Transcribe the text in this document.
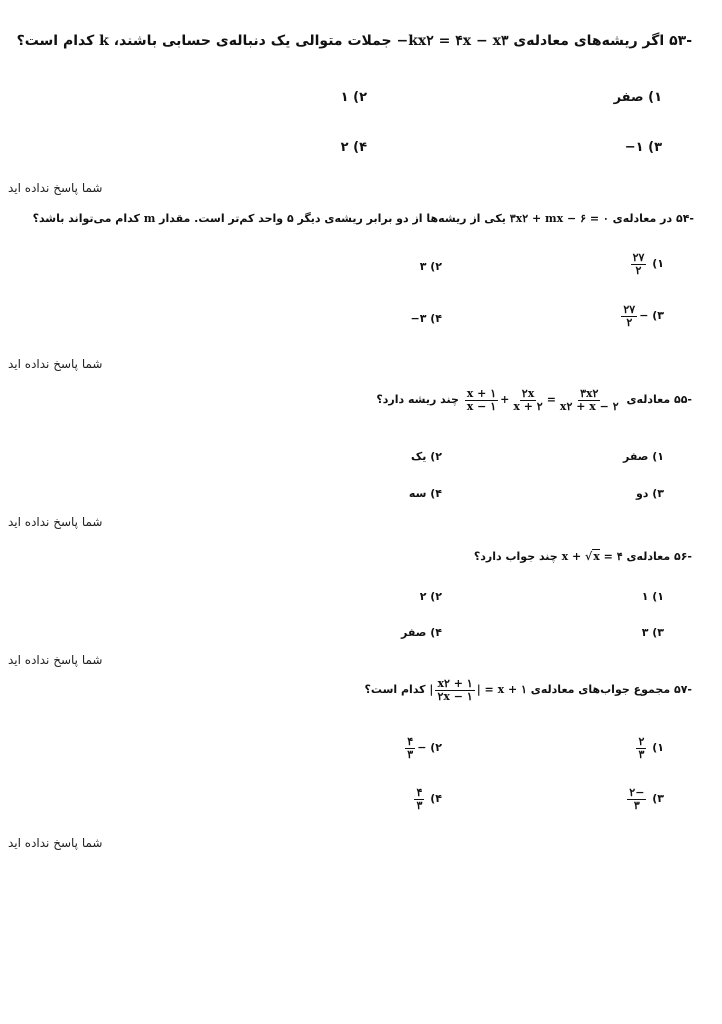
-۵۳ اگر ریشه‌های معادله‌ی −kx۲ = ۴x − x۳ جملات متوالی یک دنباله‌ی حسابی باشند، k کدام است؟
۱) صفر
۲) ۱
۳) ۱−
۴) ۲
شما پاسخ نداده اید
-۵۴ در معادله‌ی ۳x۲ + mx − ۶ = ۰ یکی از ریشه‌ها از دو برابر ریشه‌ی دیگر ۵ واحد کم‌تر است. مقدار m کدام می‌تواند باشد؟
۱)
$\frac{۲۷}{۲}$
۲) ۳
۳) −
$\frac{۲۷}{۲}$
۴) ۳−
شما پاسخ نداده اید
-۵۵ معادله‌ی
$\frac{x + ۱}{x - ۱} + \frac{۲x}{x + ۲} = \frac{۳x۲}{x۲ + x - ۲}$
چند ریشه دارد؟
۱) صفر
۲) یک
۳) دو
۴) سه
شما پاسخ نداده اید
-۵۶ معادله‌ی x + √x = ۴ چند جواب دارد؟
۱) ۱
۲) ۲
۳) ۳
۴) صفر
شما پاسخ نداده اید
-۵۷ مجموع جواب‌های معادله‌ی | $\frac{x۲ + ۱}{۲x - ۱}$ | = x + ۱ کدام است؟
۱)
$\frac{۲}{۳}$
۲) −
$\frac{۴}{۳}$
۳)
$\frac{-۲}{۳}$
۴)
$\frac{۴}{۳}$
شما پاسخ نداده اید
